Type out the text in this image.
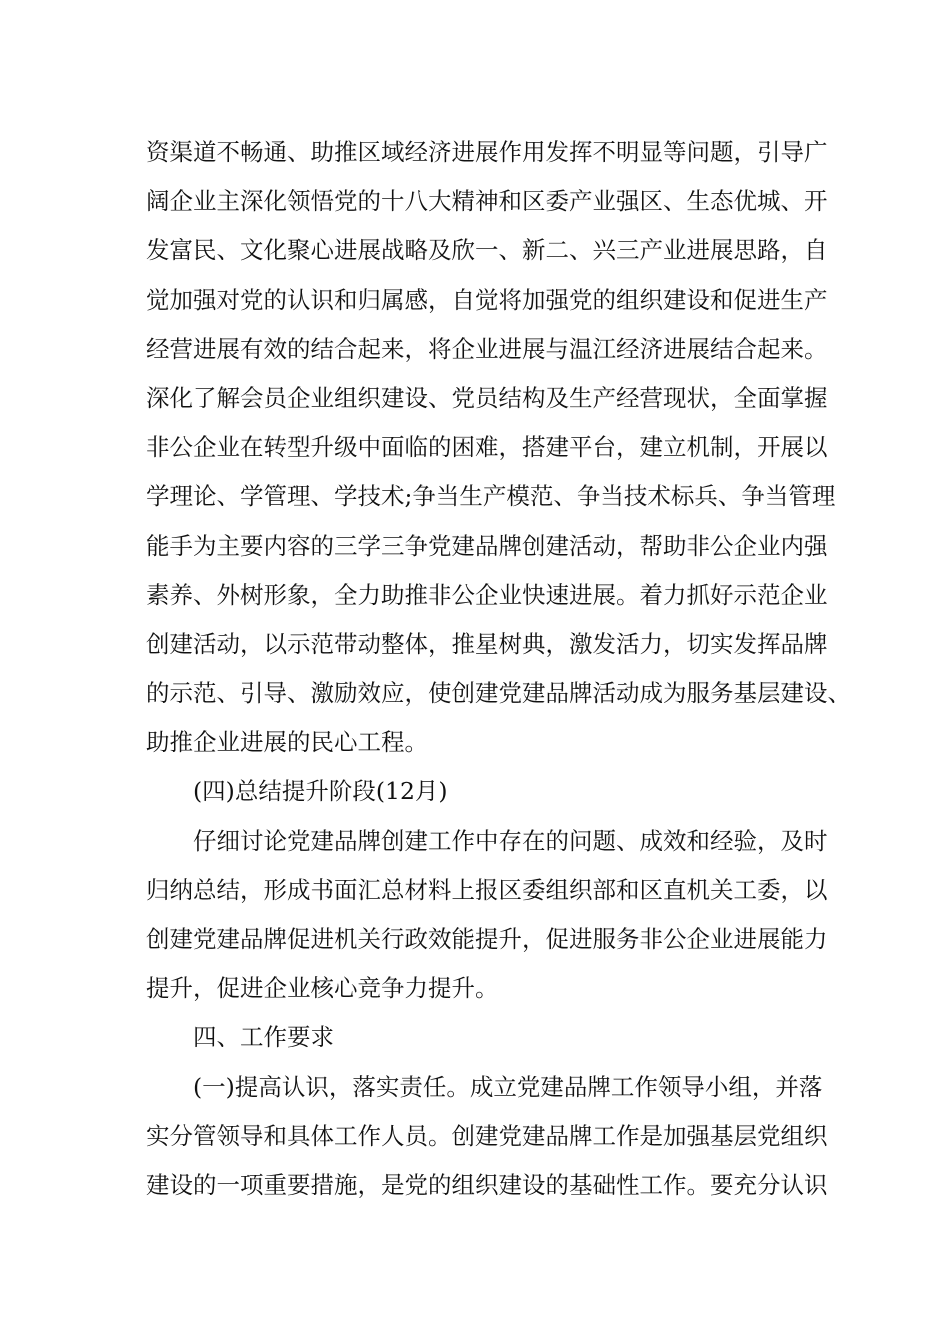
资渠道不畅通、助推区域经济进展作用发挥不明显等问题，引导广
阔企业主深化领悟党的十八大精神和区委产业强区、生态优城、开
发富民、文化聚心进展战略及欣一、新二、兴三产业进展思路，自
觉加强对党的认识和归属感，自觉将加强党的组织建设和促进生产
经营进展有效的结合起来，将企业进展与温江经济进展结合起来。
深化了解会员企业组织建设、党员结构及生产经营现状，全面掌握
非公企业在转型升级中面临的困难，搭建平台，建立机制，开展以
学理论、学管理、学技术;争当生产模范、争当技术标兵、争当管理
能手为主要内容的三学三争党建品牌创建活动，帮助非公企业内强
素养、外树形象，全力助推非公企业快速进展。着力抓好示范企业
创建活动，以示范带动整体，推星树典，激发活力，切实发挥品牌
的示范、引导、激励效应，使创建党建品牌活动成为服务基层建设、
助推企业进展的民心工程。
(四)总结提升阶段(12月)
仔细讨论党建品牌创建工作中存在的问题、成效和经验，及时
归纳总结，形成书面汇总材料上报区委组织部和区直机关工委，以
创建党建品牌促进机关行政效能提升，促进服务非公企业进展能力
提升，促进企业核心竞争力提升。
四、工作要求
(一)提高认识，落实责任。成立党建品牌工作领导小组，并落
实分管领导和具体工作人员。创建党建品牌工作是加强基层党组织
建设的一项重要措施，是党的组织建设的基础性工作。要充分认识
